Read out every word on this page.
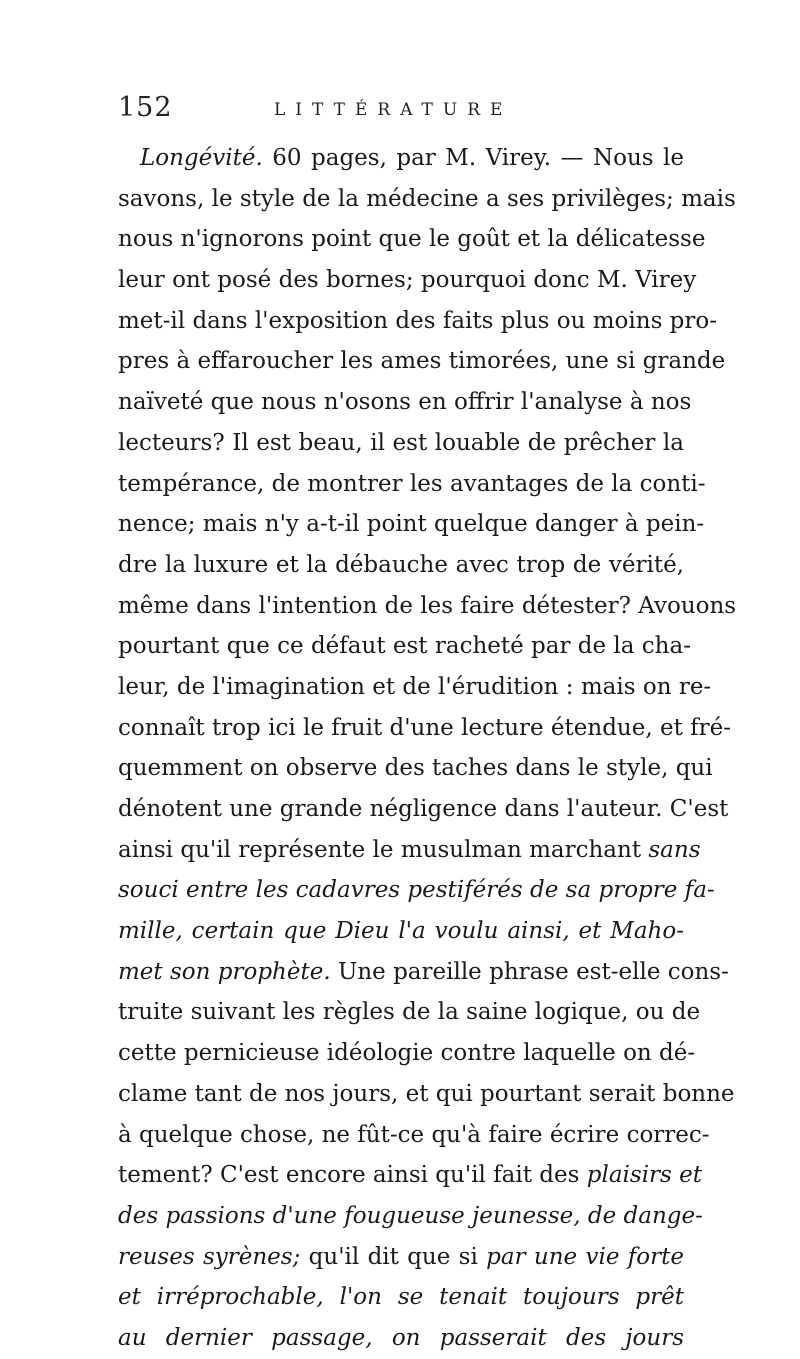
152	LITTÉRATURE
Longévité. 60 pages, par M. Virey. — Nous le
savons, le style de la médecine a ses privilèges; mais
nous n'ignorons point que le goût et la délicatesse
leur ont posé des bornes; pourquoi donc M. Virey
met-il dans l'exposition des faits plus ou moins pro-
pres à effaroucher les ames timorées, une si grande
naïveté que nous n'osons en offrir l'analyse à nos
lecteurs? Il est beau, il est louable de prêcher la
tempérance, de montrer les avantages de la conti-
nence; mais n'y a-t-il point quelque danger à pein-
dre la luxure et la débauche avec trop de vérité,
même dans l'intention de les faire détester? Avouons
pourtant que ce défaut est racheté par de la cha-
leur, de l'imagination et de l'érudition : mais on re-
connaît trop ici le fruit d'une lecture étendue, et fré-
quemment on observe des taches dans le style, qui
dénotent une grande négligence dans l'auteur. C'est
ainsi qu'il représente le musulman marchant sans
souci entre les cadavres pestiférés de sa propre fa-
mille, certain que Dieu l'a voulu ainsi, et Maho-
met son prophète. Une pareille phrase est-elle cons-
truite suivant les règles de la saine logique, ou de
cette pernicieuse idéologie contre laquelle on dé-
clame tant de nos jours, et qui pourtant serait bonne
à quelque chose, ne fût-ce qu'à faire écrire correc-
tement? C'est encore ainsi qu'il fait des plaisirs et
des passions d'une fougueuse jeunesse, de dange-
reuses syrènes; qu'il dit que si par une vie forte
et irréprochable, l'on se tenait toujours prêt
au dernier passage, on passerait des jours
